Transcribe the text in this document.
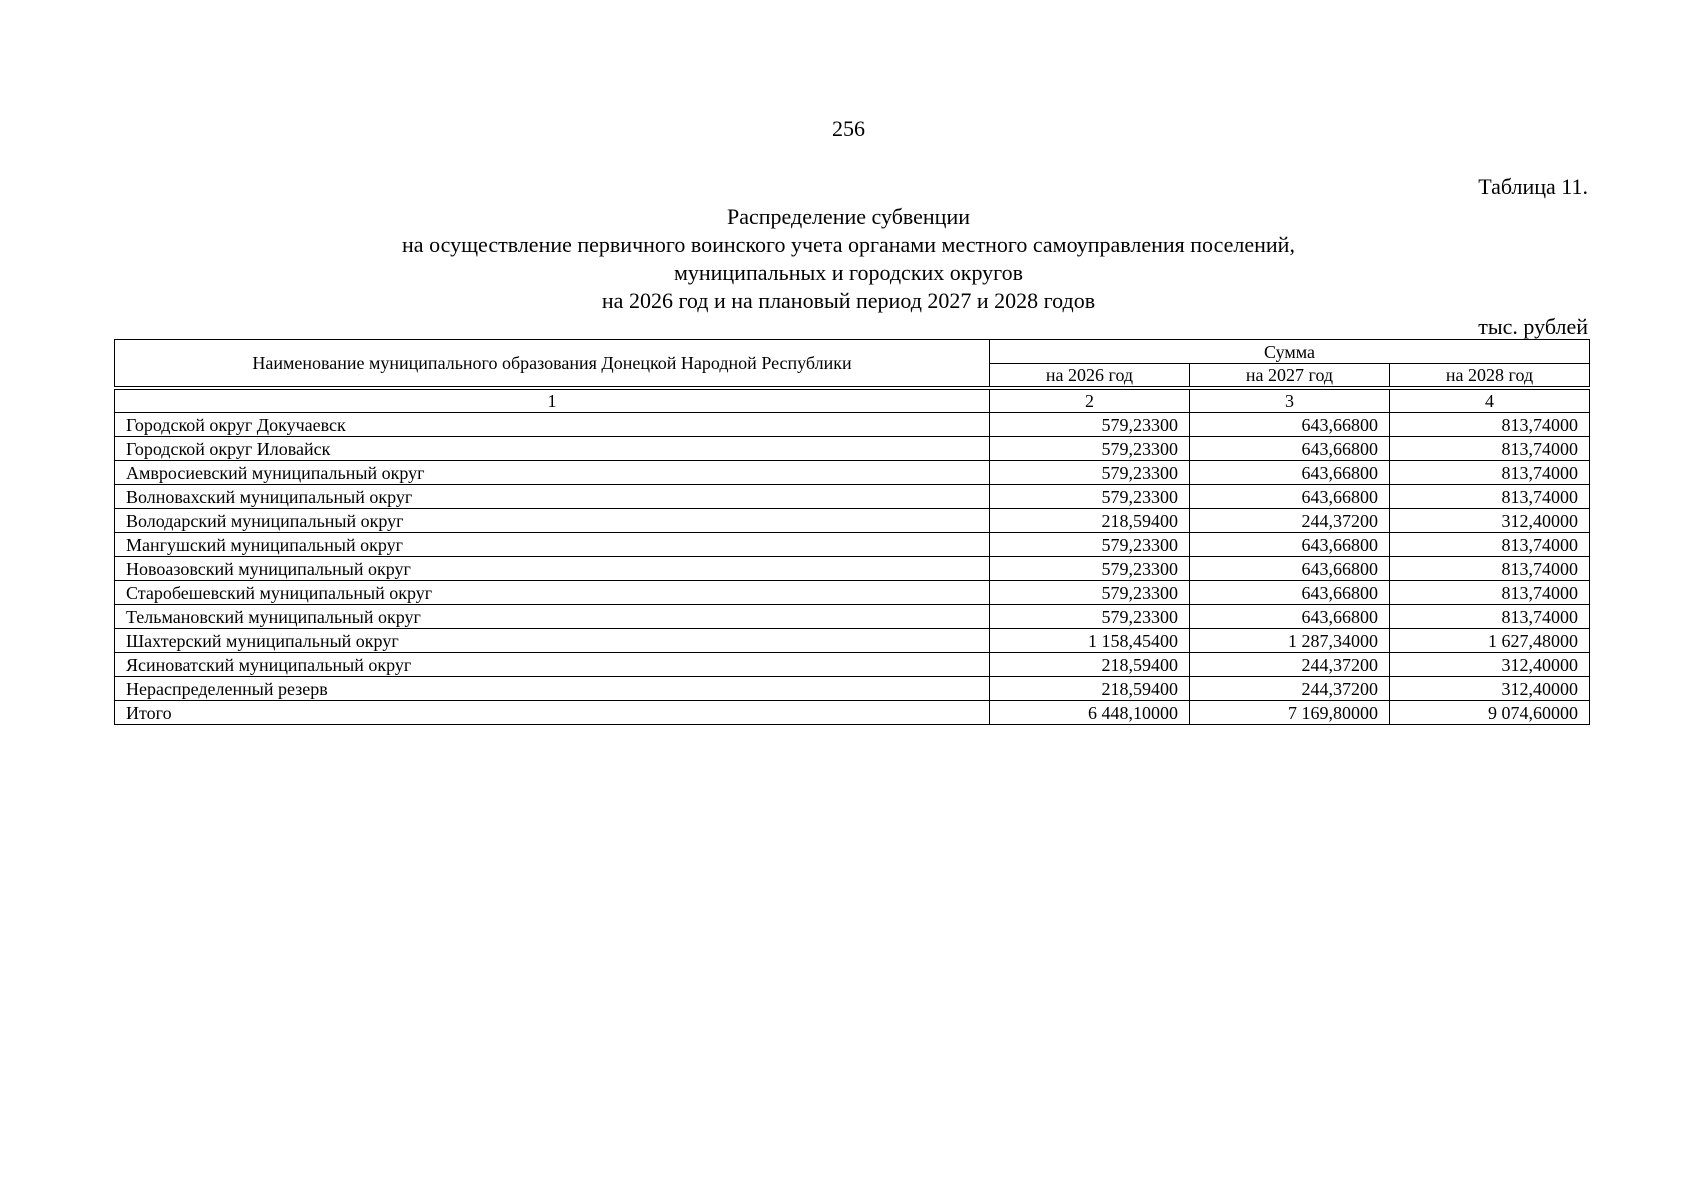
256
Таблица 11.
Распределение субвенции
на осуществление первичного воинского учета органами местного самоуправления поселений,
муниципальных и городских округов
на 2026 год и на плановый период 2027 и 2028 годов
тыс. рублей
Наименование муниципального образования Донецкой Народной Республики	Сумма		
	на 2026 год	на 2027 год	на 2028 год
1	2	3	4
Городской округ Докучаевск	579,23300	643,66800	813,74000
Городской округ Иловайск	579,23300	643,66800	813,74000
Амвросиевский муниципальный округ	579,23300	643,66800	813,74000
Волновахский муниципальный округ	579,23300	643,66800	813,74000
Володарский муниципальный округ	218,59400	244,37200	312,40000
Мангушский муниципальный округ	579,23300	643,66800	813,74000
Новоазовский муниципальный округ	579,23300	643,66800	813,74000
Старобешевский муниципальный округ	579,23300	643,66800	813,74000
Тельмановский муниципальный округ	579,23300	643,66800	813,74000
Шахтерский муниципальный округ	1 158,45400	1 287,34000	1 627,48000
Ясиноватский муниципальный округ	218,59400	244,37200	312,40000
Нераспределенный резерв	218,59400	244,37200	312,40000
Итого	6 448,10000	7 169,80000	9 074,60000
